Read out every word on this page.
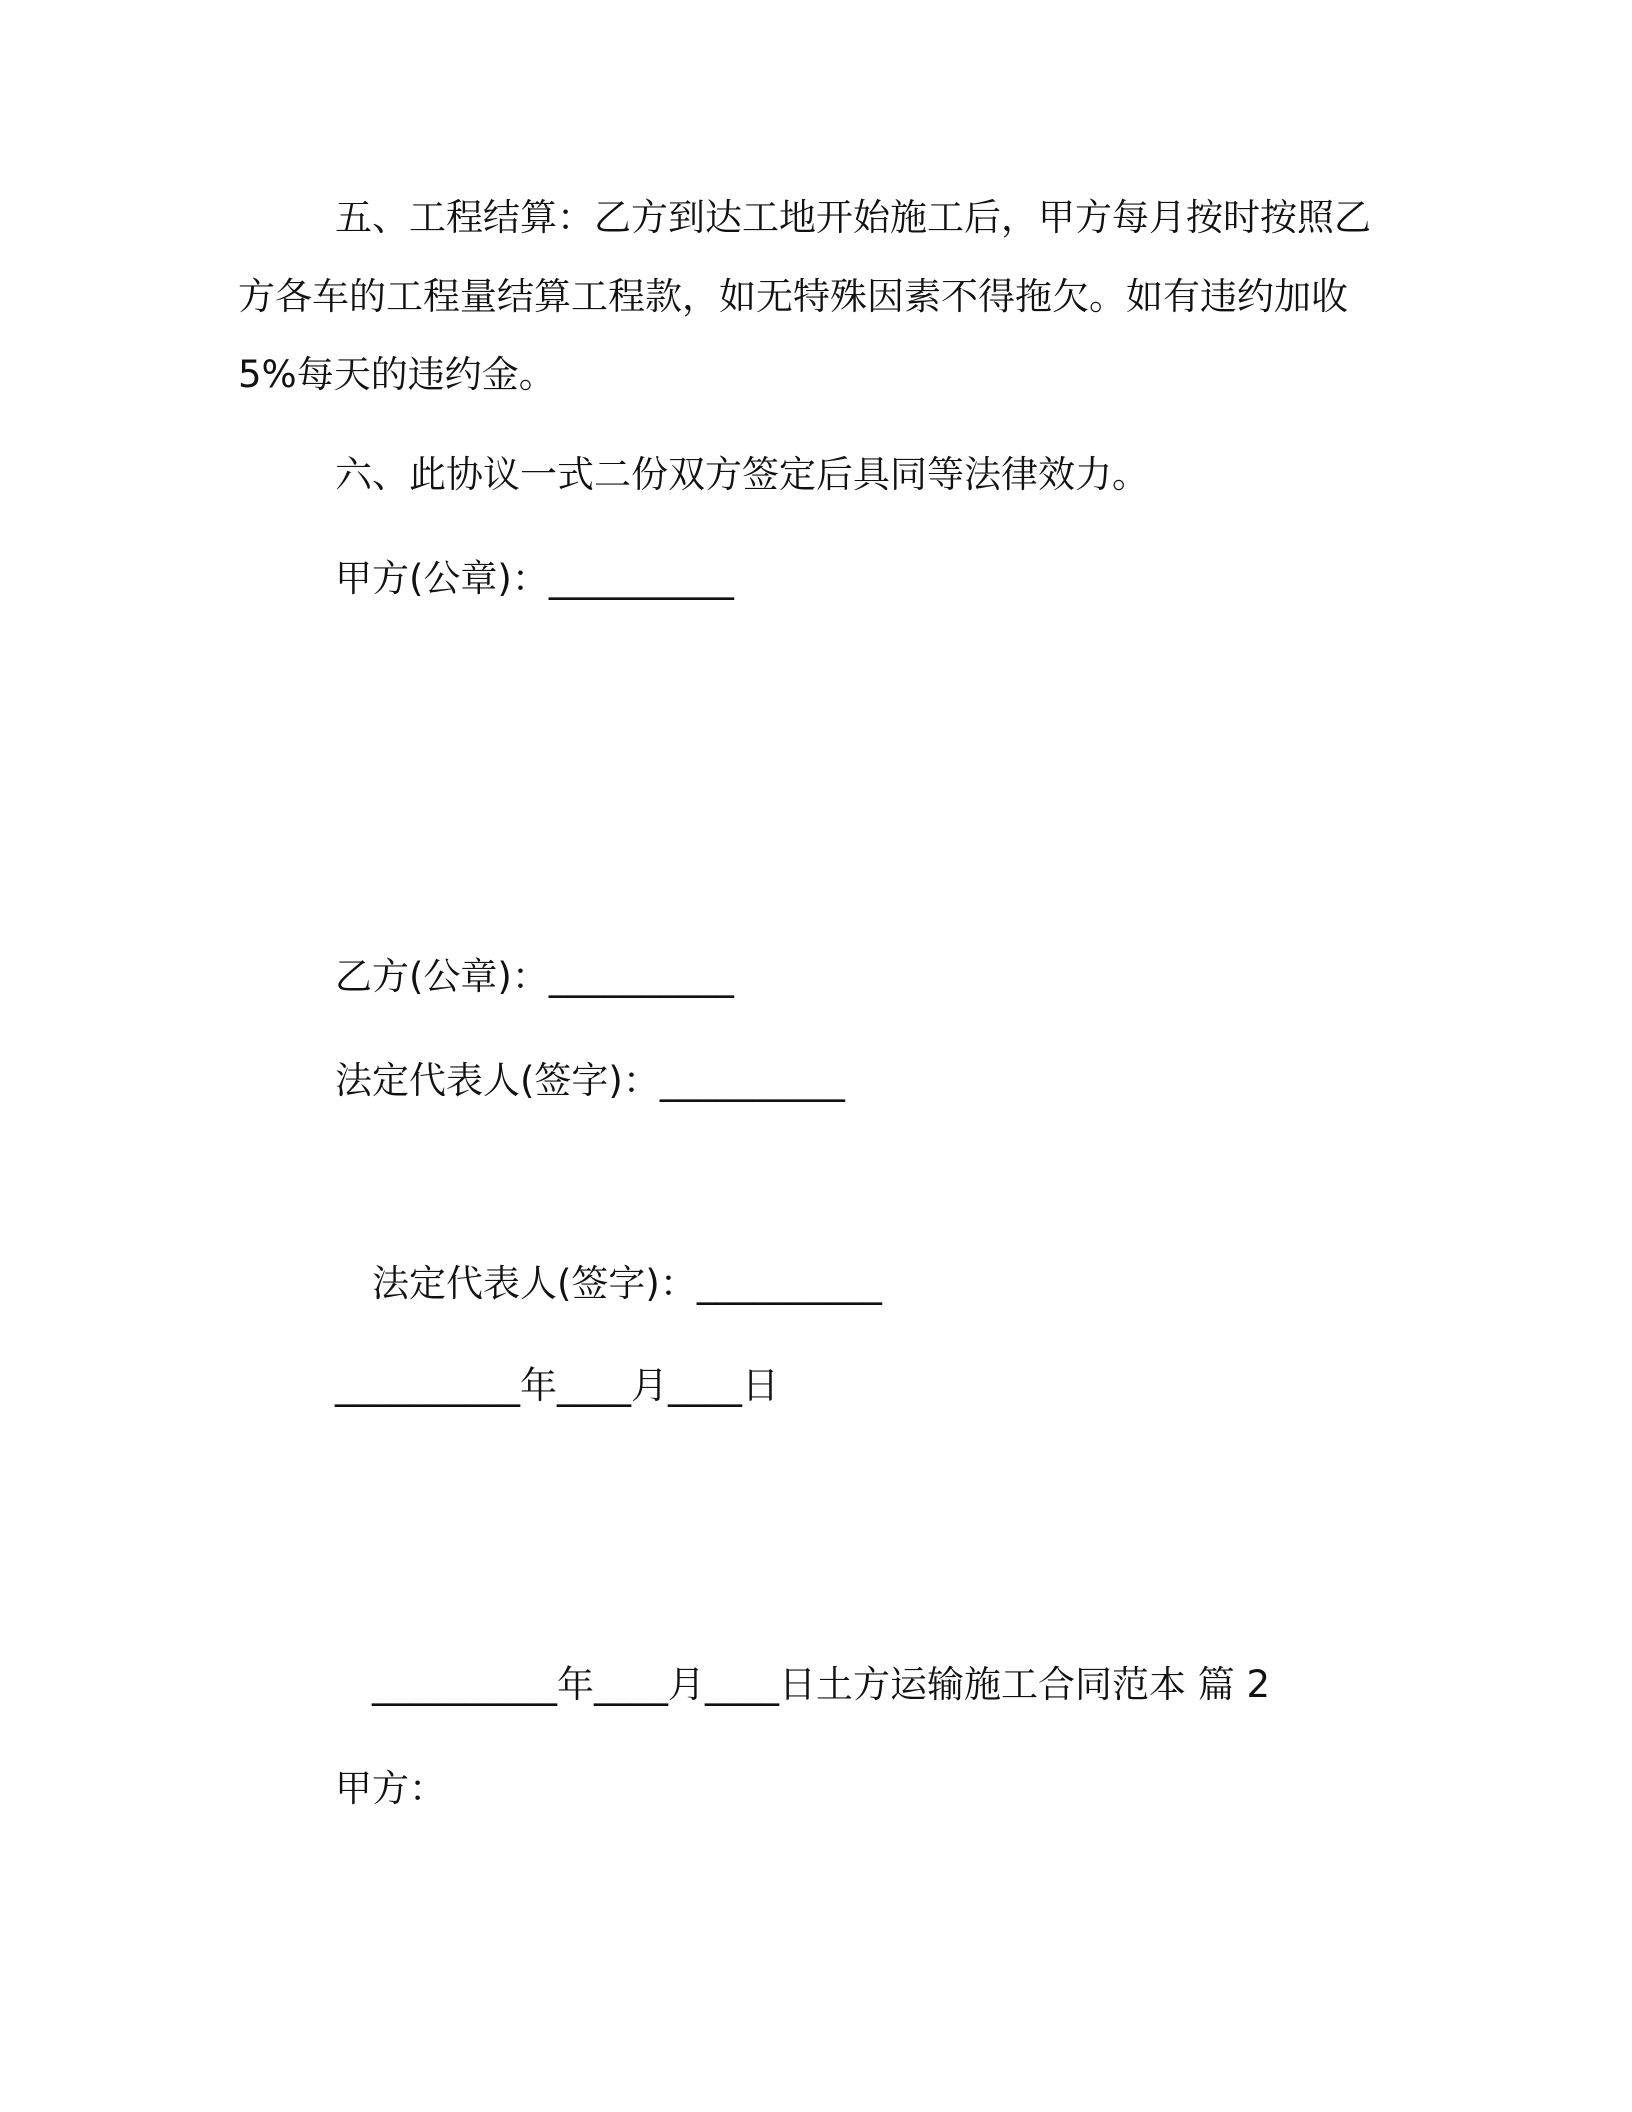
五、工程结算：乙方到达工地开始施工后，甲方每月按时按照乙

方各车的工程量结算工程款，如无特殊因素不得拖欠。如有违约加收

5%每天的违约金。

六、此协议一式二份双方签定后具同等法律效力。

甲方(公章)：__________

乙方(公章)：__________

法定代表人(签字)：__________

法定代表人(签字)：__________

__________年____月____日

__________年____月____日土方运输施工合同范本 篇 2

甲方：
